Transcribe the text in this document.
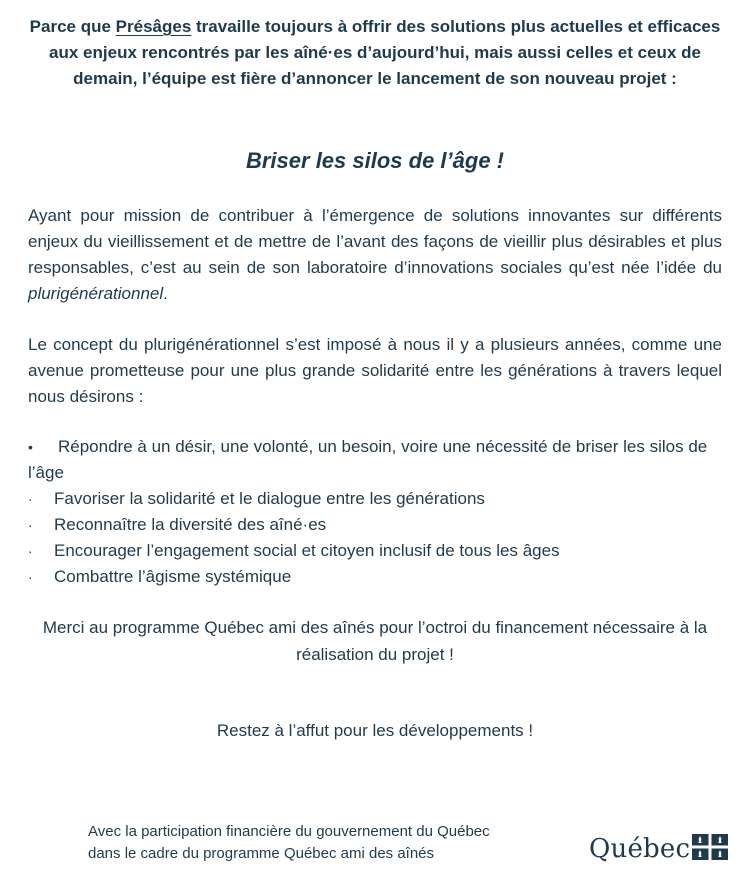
Parce que Présâges travaille toujours à offrir des solutions plus actuelles et efficaces aux enjeux rencontrés par les aîné·es d’aujourd’hui, mais aussi celles et ceux de demain, l’équipe est fière d’annoncer le lancement de son nouveau projet :
Briser les silos de l’âge !
Ayant pour mission de contribuer à l’émergence de solutions innovantes sur différents enjeux du vieillissement et de mettre de l’avant des façons de vieillir plus désirables et plus responsables, c’est au sein de son laboratoire d’innovations sociales qu’est née l’idée du plurigénérationnel.
Le concept du plurigénérationnel s’est imposé à nous il y a plusieurs années, comme une avenue prometteuse pour une plus grande solidarité entre les générations à travers lequel nous désirons :
• Répondre à un désir, une volonté, un besoin, voire une nécessité de briser les silos de l’âge
· Favoriser la solidarité et le dialogue entre les générations
· Reconnaître la diversité des aîné·es
· Encourager l’engagement social et citoyen inclusif de tous les âges
· Combattre l’âgisme systémique
Merci au programme Québec ami des aînés pour l’octroi du financement nécessaire à la réalisation du projet !
Restez à l’affut pour les développements !
Avec la participation financière du gouvernement du Québec
dans le cadre du programme Québec ami des aînés	Québec
